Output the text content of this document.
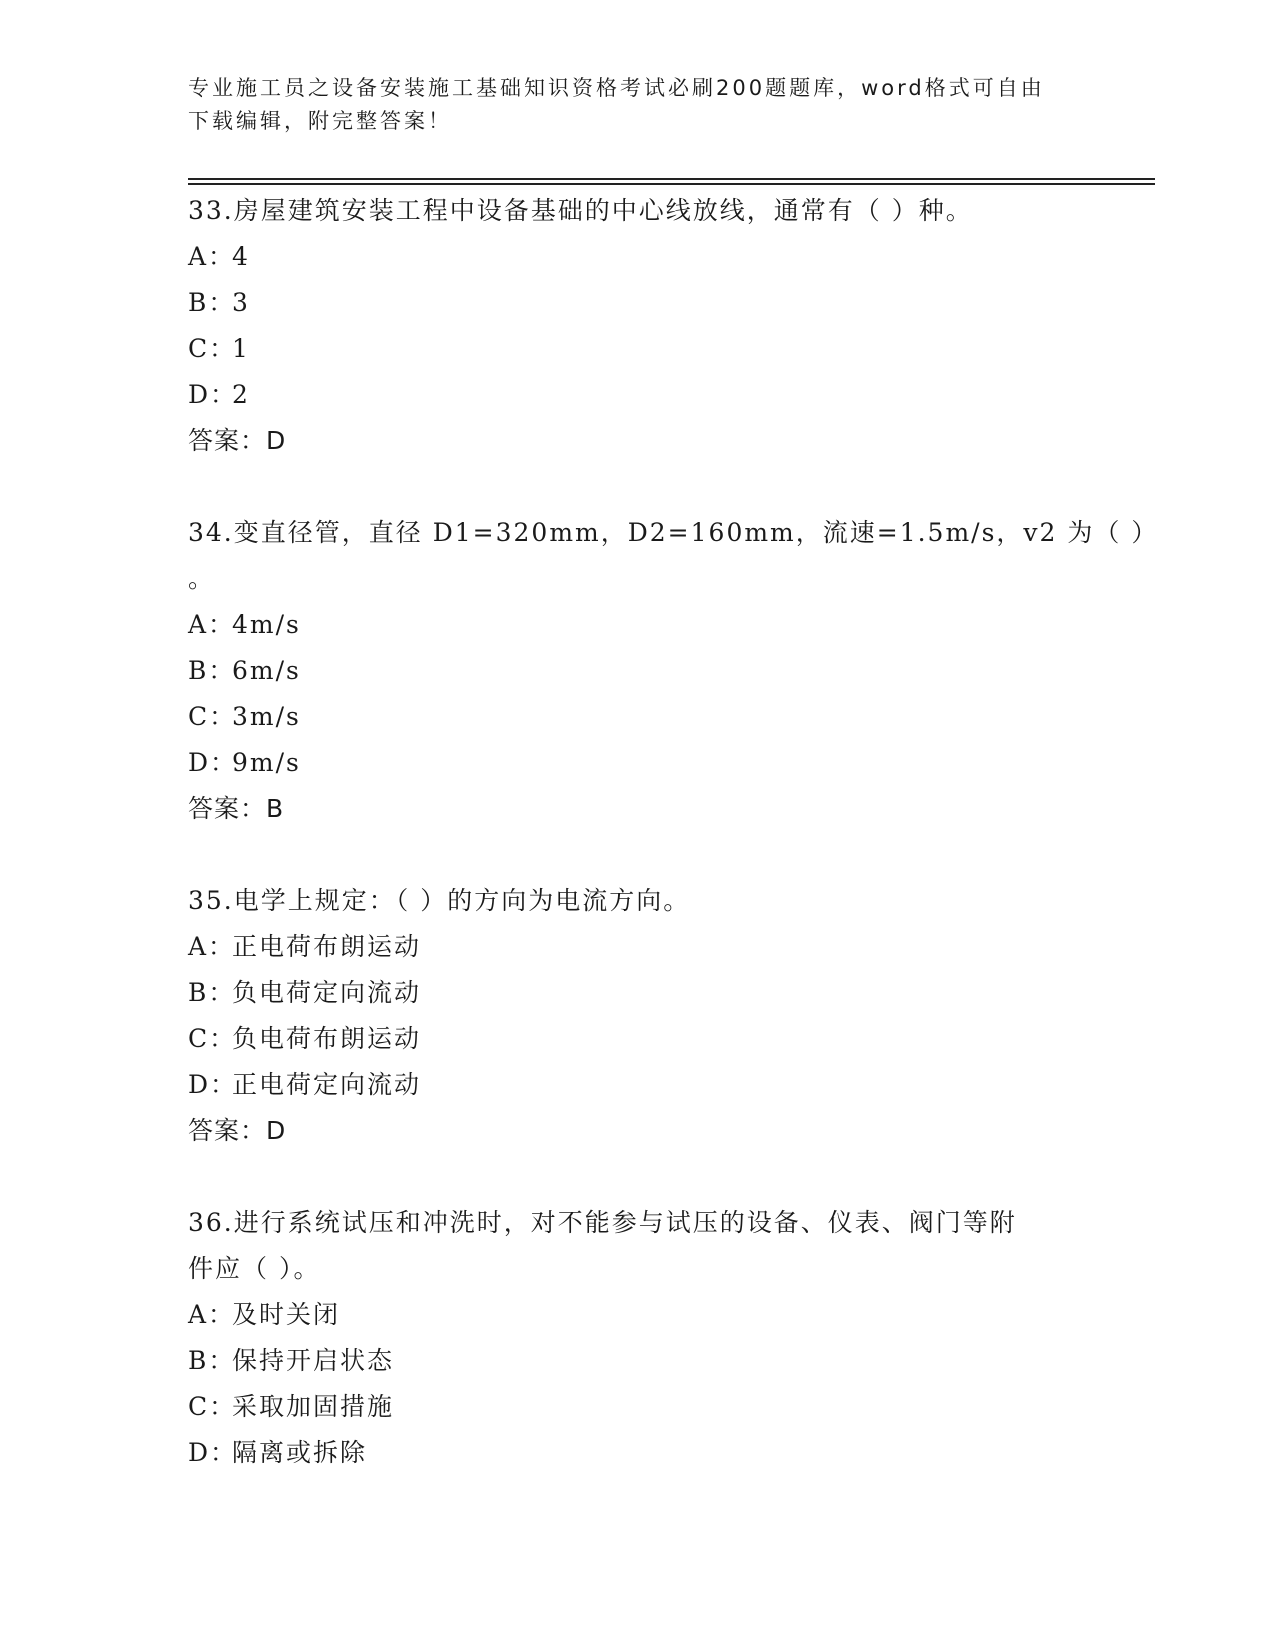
专业施工员之设备安装施工基础知识资格考试必刷200题题库，word格式可自由
下载编辑，附完整答案！
33.房屋建筑安装工程中设备基础的中心线放线，通常有（ ）种。
A：4
B：3
C：1
D：2
答案：D
34.变直径管，直径 D1=320mm，D2=160mm，流速=1.5m/s，v2 为（ ）
。
A：4m/s
B：6m/s
C：3m/s
D：9m/s
答案：B
35.电学上规定：（ ）的方向为电流方向。
A：正电荷布朗运动
B：负电荷定向流动
C：负电荷布朗运动
D：正电荷定向流动
答案：D
36.进行系统试压和冲洗时，对不能参与试压的设备、仪表、阀门等附
件应（ ）。
A：及时关闭
B：保持开启状态
C：采取加固措施
D：隔离或拆除
